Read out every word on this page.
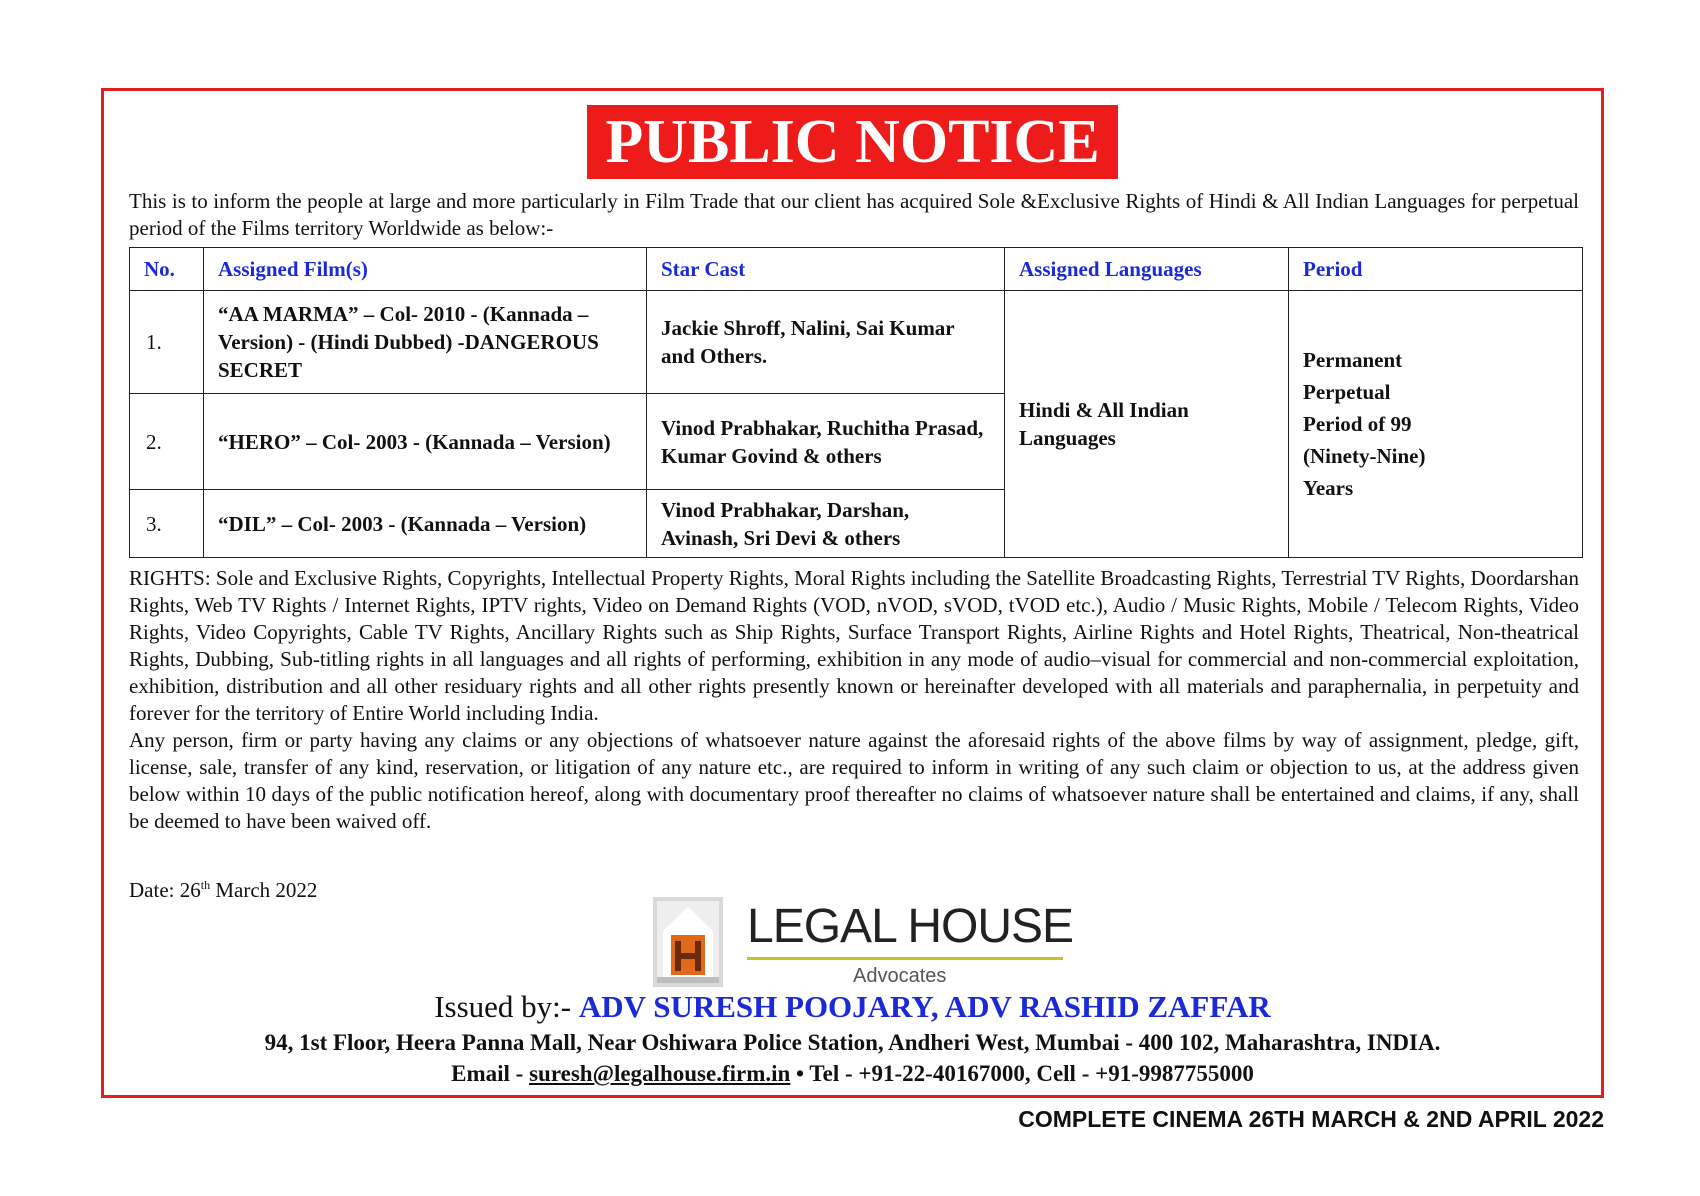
PUBLIC NOTICE
This is to inform the people at large and more particularly in Film Trade that our client has acquired Sole &Exclusive Rights of Hindi & All Indian Languages for perpetual period of the Films territory Worldwide as below:-
No.	Assigned Film(s)	Star Cast	Assigned Languages	Period
1.	“AA MARMA” – Col- 2010 - (Kannada – Version) - (Hindi Dubbed) -DANGEROUS SECRET	Jackie Shroff, Nalini, Sai Kumar and Others.	Hindi & All Indian Languages	Permanent
Perpetual
Period of 99
(Ninety-Nine)
Years

2.	“HERO” – Col- 2003 - (Kannada – Version)	Vinod Prabhakar, Ruchitha Prasad, Kumar Govind & others		
3.	“DIL” – Col- 2003 - (Kannada – Version)	Vinod Prabhakar, Darshan, Avinash, Sri Devi & others		

RIGHTS: Sole and Exclusive Rights, Copyrights, Intellectual Property Rights, Moral Rights including the Satellite Broadcasting Rights, Terrestrial TV Rights, Doordarshan Rights, Web TV Rights / Internet Rights, IPTV rights, Video on Demand Rights (VOD, nVOD, sVOD, tVOD etc.), Audio / Music Rights, Mobile / Telecom Rights, Video Rights, Video Copyrights, Cable TV Rights, Ancillary Rights such as Ship Rights, Surface Transport Rights, Airline Rights and Hotel Rights, Theatrical, Non-theatrical Rights, Dubbing, Sub-titling rights in all languages and all rights of performing, exhibition in any mode of audio–visual for commercial and non-commercial exploitation, exhibition, distribution and all other residuary rights and all other rights presently known or hereinafter developed with all materials and paraphernalia, in perpetuity and forever for the territory of Entire World including India.

Any person, firm or party having any claims or any objections of whatsoever nature against the aforesaid rights of the above films by way of assignment, pledge, gift, license, sale, transfer of any kind, reservation, or litigation of any nature etc., are required to inform in writing of any such claim or objection to us, at the address given below within 10 days of the public notification hereof, along with documentary proof thereafter no claims of whatsoever nature shall be entertained and claims, if any, shall be deemed to have been waived off.

Date: 26th March 2022
LEGAL HOUSE
Advocates
Issued by:- ADV SURESH POOJARY, ADV RASHID ZAFFAR
94, 1st Floor, Heera Panna Mall, Near Oshiwara Police Station, Andheri West, Mumbai - 400 102, Maharashtra, INDIA.
Email - suresh@legalhouse.firm.in • Tel - +91-22-40167000, Cell - +91-9987755000
COMPLETE CINEMA 26TH MARCH & 2ND APRIL 2022
